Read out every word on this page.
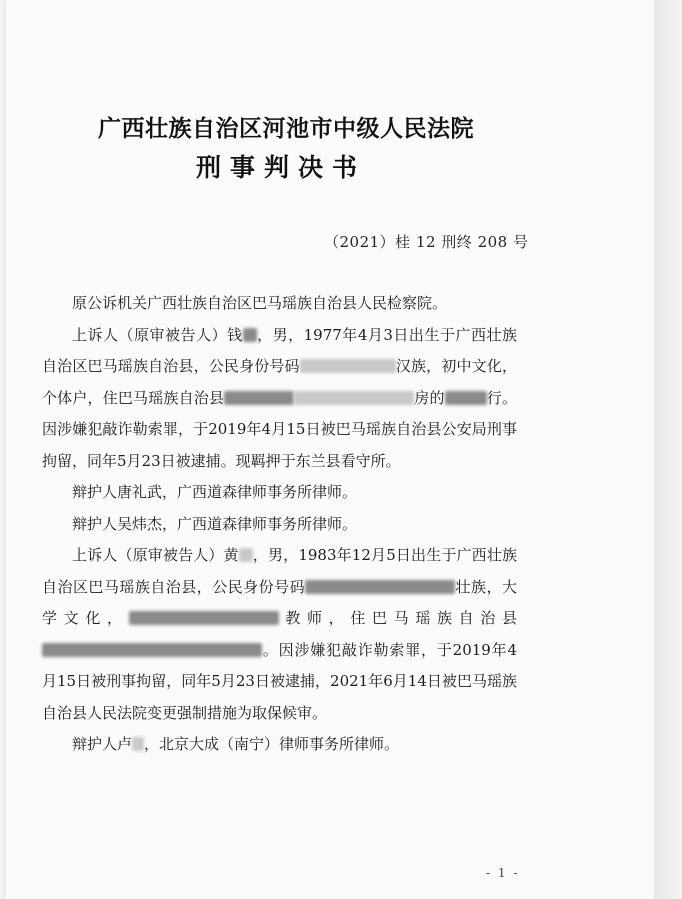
广西壮族自治区河池市中级人民法院
刑事判决书
（2021）桂 12 刑终 208 号

原公诉机关广西壮族自治区巴马瑶族自治县人民检察院。

上诉人（原审被告人）钱 ，男，1977年4月3日出生于广西壮族自治区巴马瑶族自治县，公民身份号码	汉族，初中文化，个体户，住巴马瑶族自治县	房的	行。因涉嫌犯敲诈勒索罪，于2019年4月15日被巴马瑶族自治县公安局刑事拘留，同年5月23日被逮捕。现羁押于东兰县看守所。

辩护人唐礼武，广西道森律师事务所律师。

辩护人吴炜杰，广西道森律师事务所律师。

上诉人（原审被告人）黄 ，男，1983年12月5日出生于广西壮族自治区巴马瑶族自治县，公民身份号码	壮族，大学文化，	教师，住巴马瑶族自治县。因涉嫌犯敲诈勒索罪，于2019年4月15日被刑事拘留，同年5月23日被逮捕，2021年6月14日被巴马瑶族自治县人民法院变更强制措施为取保候审。

辩护人卢 ，北京大成（南宁）律师事务所律师。

- 1 -
